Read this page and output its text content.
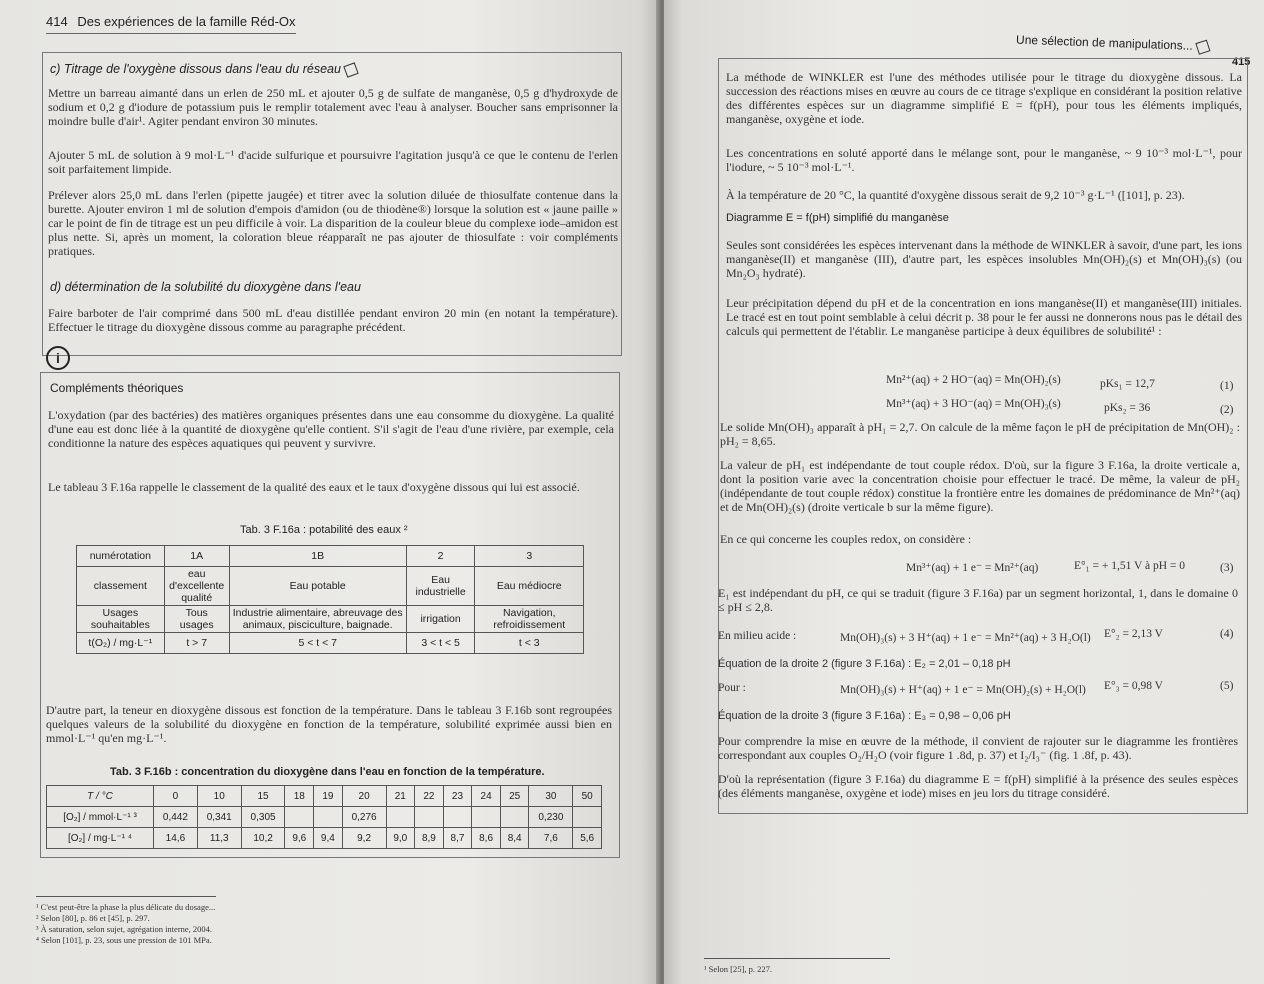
414 Des expériences de la famille Réd-Ox
c) Titrage de l'oxygène dissous dans l'eau du réseau
Mettre un barreau aimanté dans un erlen de 250 mL et ajouter 0,5 g de sulfate de manganèse, 0,5 g d'hydroxyde de sodium et 0,2 g d'iodure de potassium puis le remplir totalement avec l'eau à analyser. Boucher sans emprisonner la moindre bulle d'air¹. Agiter pendant environ 30 minutes.
Ajouter 5 mL de solution à 9 mol·L⁻¹ d'acide sulfurique et poursuivre l'agitation jusqu'à ce que le contenu de l'erlen soit parfaitement limpide.
Prélever alors 25,0 mL dans l'erlen (pipette jaugée) et titrer avec la solution diluée de thiosulfate contenue dans la burette. Ajouter environ 1 ml de solution d'empois d'amidon (ou de thiodène®) lorsque la solution est « jaune paille » car le point de fin de titrage est un peu difficile à voir. La disparition de la couleur bleue du complexe iode–amidon est plus nette. Si, après un moment, la coloration bleue réapparaît ne pas ajouter de thiosulfate : voir compléments pratiques.
d) détermination de la solubilité du dioxygène dans l'eau
Faire barboter de l'air comprimé dans 500 mL d'eau distillée pendant environ 20 min (en notant la température). Effectuer le titrage du dioxygène dissous comme au paragraphe précédent.
i
Compléments théoriques
L'oxydation (par des bactéries) des matières organiques présentes dans une eau consomme du dioxygène. La qualité d'une eau est donc liée à la quantité de dioxygène qu'elle contient. S'il s'agit de l'eau d'une rivière, par exemple, cela conditionne la nature des espèces aquatiques qui peuvent y survivre.
Le tableau 3 F.16a rappelle le classement de la qualité des eaux et le taux d'oxygène dissous qui lui est associé.
Tab. 3 F.16a : potabilité des eaux ²
numérotation	1A	1B	2	3
classement	eau d'excellente qualité	Eau potable	Eau industrielle	Eau médiocre
Usages souhaitables	Tous usages	Industrie alimentaire, abreuvage des animaux, pisciculture, baignade.	irrigation	Navigation, refroidissement
t(O₂) / mg·L⁻¹	t > 7	5 < t < 7	3 < t < 5	t < 3
D'autre part, la teneur en dioxygène dissous est fonction de la température. Dans le tableau 3 F.16b sont regroupées quelques valeurs de la solubilité du dioxygène en fonction de la température, solubilité exprimée aussi bien en mmol·L⁻¹ qu'en mg·L⁻¹.
Tab. 3 F.16b : concentration du dioxygène dans l'eau en fonction de la température.
T / °C	0	10	15	18	19	20	21	22	23	24	25	30	50
[O₂] / mmol·L⁻¹ ³	0,442	0,341	0,305			0,276						0,230	
[O₂] / mg·L⁻¹ ⁴	14,6	11,3	10,2	9,6	9,4	9,2	9,0	8,9	8,7	8,6	8,4	7,6	5,6
¹ C'est peut-être la phase la plus délicate du dosage...
² Selon [80], p. 86 et [45], p. 297.
³ À saturation, selon sujet, agrégation interne, 2004.
⁴ Selon [101], p. 23, sous une pression de 101 MPa.
Une sélection de manipulations...
415
La méthode de WINKLER est l'une des méthodes utilisée pour le titrage du dioxygène dissous. La succession des réactions mises en œuvre au cours de ce titrage s'explique en considérant la position relative des différentes espèces sur un diagramme simplifié E = f(pH), pour tous les éléments impliqués, manganèse, oxygène et iode.
Les concentrations en soluté apporté dans le mélange sont, pour le manganèse, ~ 9 10⁻³ mol·L⁻¹, pour l'iodure, ~ 5 10⁻³ mol·L⁻¹.
À la température de 20 °C, la quantité d'oxygène dissous serait de 9,2 10⁻³ g·L⁻¹ ([101], p. 23).
Diagramme E = f(pH) simplifié du manganèse
Seules sont considérées les espèces intervenant dans la méthode de WINKLER à savoir, d'une part, les ions manganèse(II) et manganèse (III), d'autre part, les espèces insolubles Mn(OH)₂(s) et Mn(OH)₃(s) (ou Mn₂O₃ hydraté).
Leur précipitation dépend du pH et de la concentration en ions manganèse(II) et manganèse(III) initiales. Le tracé est en tout point semblable à celui décrit p. 38 pour le fer aussi ne donnerons nous pas le détail des calculs qui permettent de l'établir. Le manganèse participe à deux équilibres de solubilité¹ :
Mn²⁺(aq) + 2 HO⁻(aq) = Mn(OH)₂(s)	pKs₁ = 12,7	(1)
Mn³⁺(aq) + 3 HO⁻(aq) = Mn(OH)₃(s)	pKs₂ = 36	(2)
Le solide Mn(OH)₃ apparaît à pH₁ = 2,7. On calcule de la même façon le pH de précipitation de Mn(OH)₂ : pH₂ = 8,65.
La valeur de pH₁ est indépendante de tout couple rédox. D'où, sur la figure 3 F.16a, la droite verticale a, dont la position varie avec la concentration choisie pour effectuer le tracé. De même, la valeur de pH₂ (indépendante de tout couple rédox) constitue la frontière entre les domaines de prédominance de Mn²⁺(aq) et de Mn(OH)₂(s) (droite verticale b sur la même figure).
En ce qui concerne les couples redox, on considère :
Mn³⁺(aq) + 1 e⁻ = Mn²⁺(aq)	E°₁ = + 1,51 V à pH = 0	(3)
E₁ est indépendant du pH, ce qui se traduit (figure 3 F.16a) par un segment horizontal, 1, dans le domaine 0 ≤ pH ≤ 2,8.
En milieu acide :	Mn(OH)₃(s) + 3 H⁺(aq) + 1 e⁻ = Mn²⁺(aq) + 3 H₂O(l) E°₂ = 2,13 V	(4)
Équation de la droite 2 (figure 3 F.16a) : E₂ = 2,01 – 0,18 pH
Pour :	Mn(OH)₃(s) + H⁺(aq) + 1 e⁻ = Mn(OH)₂(s) + H₂O(l) E°₃ = 0,98 V	(5)
Équation de la droite 3 (figure 3 F.16a) : E₃ = 0,98 – 0,06 pH
Pour comprendre la mise en œuvre de la méthode, il convient de rajouter sur le diagramme les frontières correspondant aux couples O₂/H₂O (voir figure 1 .8d, p. 37) et I₂/I₃⁻ (fig. 1 .8f, p. 43).
D'où la représentation (figure 3 F.16a) du diagramme E = f(pH) simplifié à la présence des seules espèces (des éléments manganèse, oxygène et iode) mises en jeu lors du titrage considéré.
¹ Selon [25], p. 227.
